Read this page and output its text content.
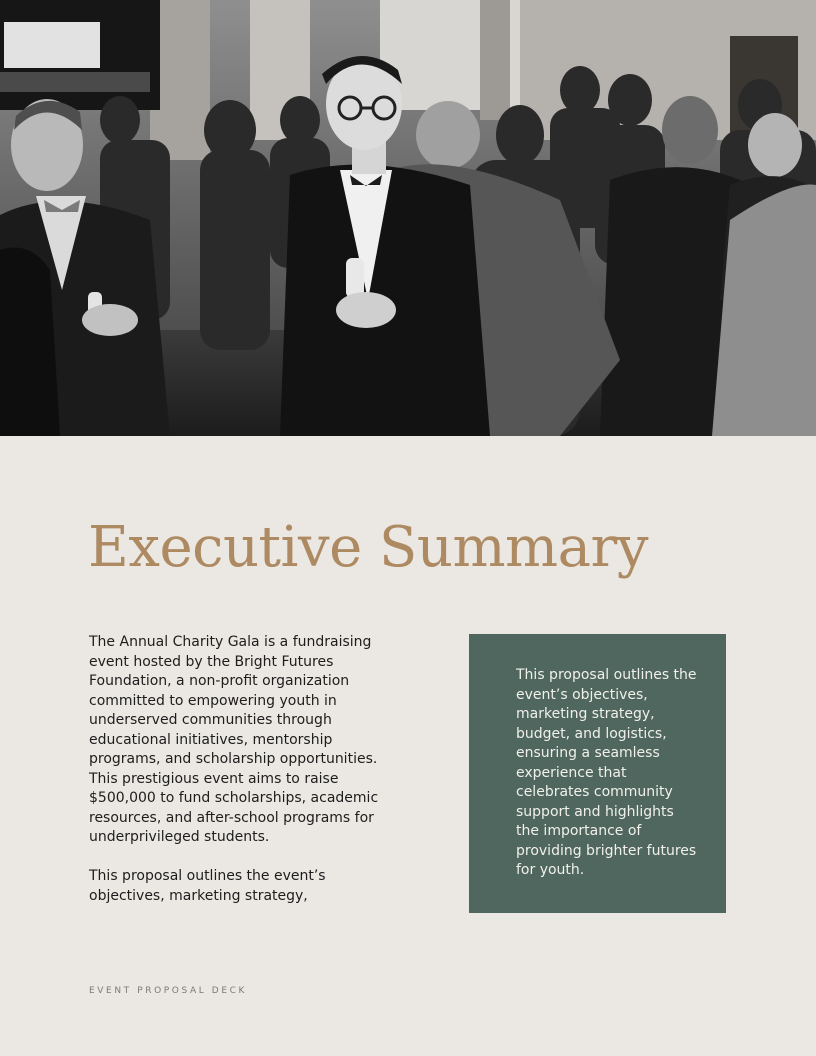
Executive Summary

The Annual Charity Gala is a fundraising event hosted by the Bright Futures Foundation, a non-profit organization committed to empowering youth in underserved communities through educational initiatives, mentorship programs, and scholarship opportunities. This prestigious event aims to raise $500,000 to fund scholarships, academic resources, and after-school programs for underprivileged students.

This proposal outlines the event’s objectives, marketing strategy,

This proposal outlines the event’s objectives, marketing strategy, budget, and logistics, ensuring a seamless experience that celebrates community support and highlights the importance of providing brighter futures for youth.

EVENT PROPOSAL DECK
